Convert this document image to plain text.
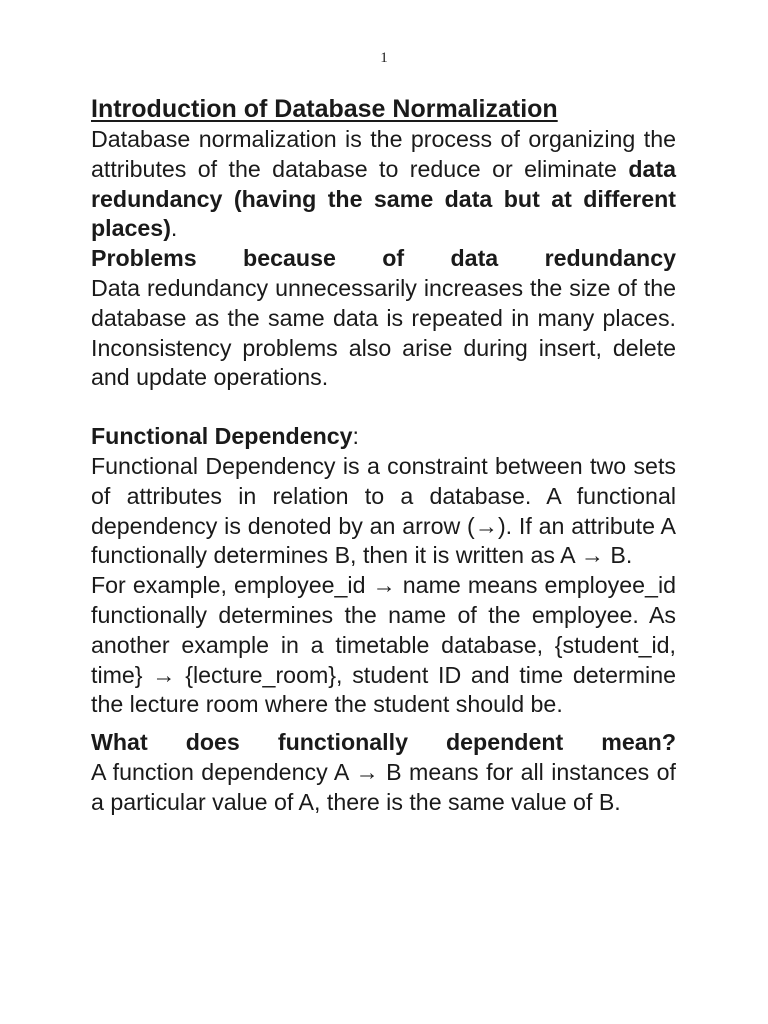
1
Introduction of Database Normalization

Database normalization is the process of organizing the attributes of the database to reduce or eliminate data redundancy (having the same data but at different places).

Problems because of data redundancy

Data redundancy unnecessarily increases the size of the database as the same data is repeated in many places. Inconsistency problems also arise during insert, delete and update operations.

Functional Dependency:

Functional Dependency is a constraint between two sets of attributes in relation to a database. A functional dependency is denoted by an arrow (→). If an attribute A functionally determines B, then it is written as A → B.

For example, employee_id → name means employee_id functionally determines the name of the employee. As another example in a timetable database, {student_id, time} → {lecture_room}, student ID and time determine the lecture room where the student should be.

What does functionally dependent mean?

A function dependency A → B means for all instances of a particular value of A, there is the same value of B.
